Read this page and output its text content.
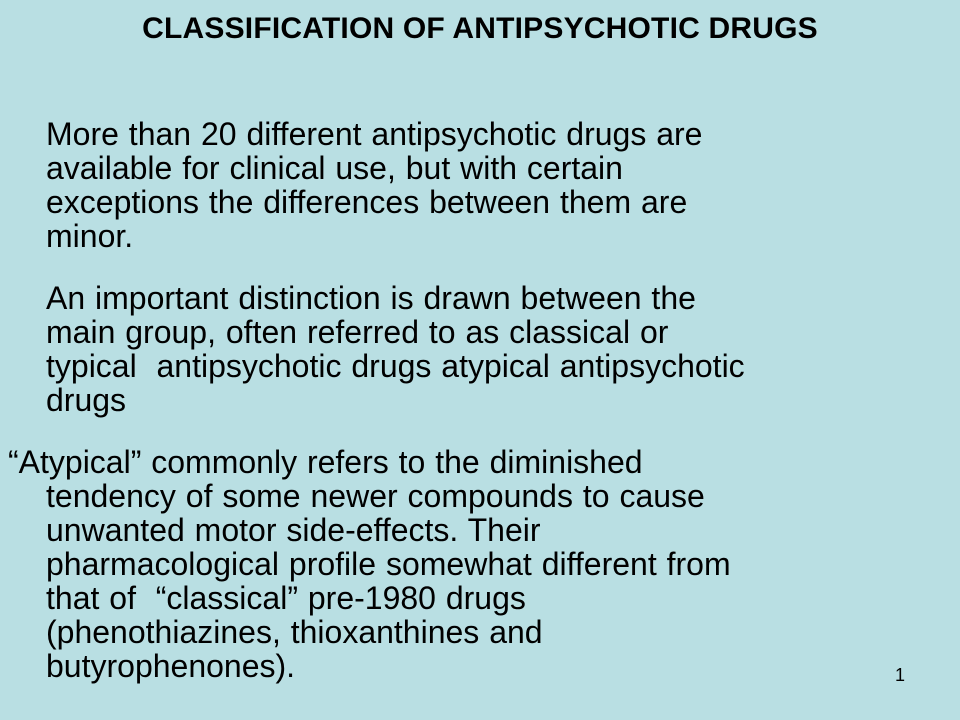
CLASSIFICATION OF ANTIPSYCHOTIC DRUGS
More than 20 different antipsychotic drugs are
available for clinical use, but with certain
exceptions the differences between them are
minor.
An important distinction is drawn between the
main group, often referred to as classical or
typical  antipsychotic drugs atypical antipsychotic
drugs
“Atypical” commonly refers to the diminished
tendency of some newer compounds to cause
unwanted motor side-effects. Their
pharmacological profile somewhat different from
that of  “classical” pre-1980 drugs
(phenothiazines, thioxanthines and
butyrophenones).	1
